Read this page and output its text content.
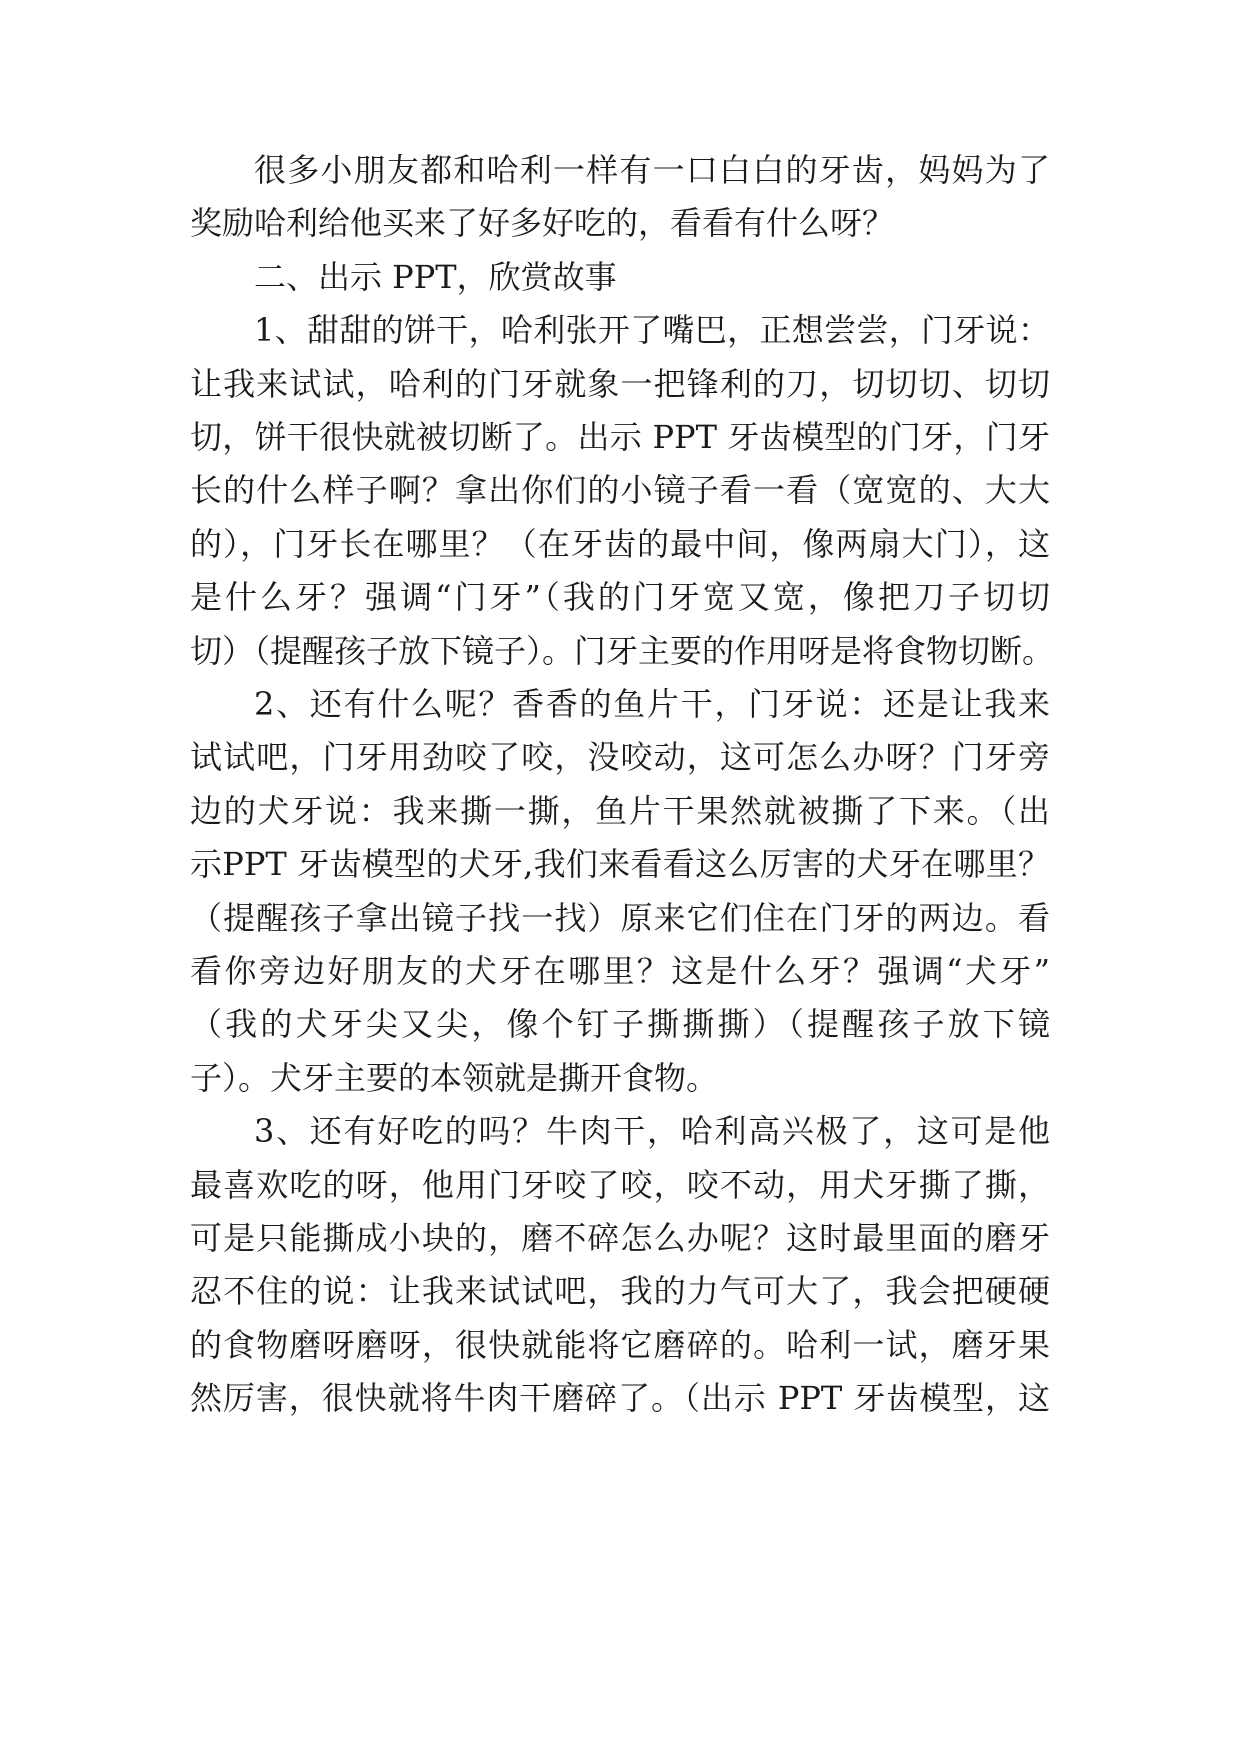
很多小朋友都和哈利一样有一口白白的牙齿，妈妈为了
奖励哈利给他买来了好多好吃的，看看有什么呀？
二、出示 PPT，欣赏故事
1、甜甜的饼干，哈利张开了嘴巴，正想尝尝，门牙说：
让我来试试，哈利的门牙就象一把锋利的刀，切切切、切切
切，饼干很快就被切断了。出示 PPT 牙齿模型的门牙，门牙
长的什么样子啊？拿出你们的小镜子看一看（宽宽的、大大
的），门牙长在哪里？（在牙齿的最中间，像两扇大门），这
是什么牙？强调“门牙”（我的门牙宽又宽，像把刀子切切
切）（提醒孩子放下镜子）。门牙主要的作用呀是将食物切断。
2、还有什么呢？香香的鱼片干，门牙说：还是让我来
试试吧，门牙用劲咬了咬，没咬动，这可怎么办呀？门牙旁
边的犬牙说：我来撕一撕，鱼片干果然就被撕了下来。（出
示PPT 牙齿模型的犬牙,我们来看看这么厉害的犬牙在哪里？
（提醒孩子拿出镜子找一找）原来它们住在门牙的两边。看
看你旁边好朋友的犬牙在哪里？这是什么牙？强调“犬牙”
（我的犬牙尖又尖，像个钉子撕撕撕）（提醒孩子放下镜
子）。犬牙主要的本领就是撕开食物。
3、还有好吃的吗？牛肉干，哈利高兴极了，这可是他
最喜欢吃的呀，他用门牙咬了咬，咬不动，用犬牙撕了撕，
可是只能撕成小块的，磨不碎怎么办呢？这时最里面的磨牙
忍不住的说：让我来试试吧，我的力气可大了，我会把硬硬
的食物磨呀磨呀，很快就能将它磨碎的。哈利一试，磨牙果
然厉害，很快就将牛肉干磨碎了。（出示 PPT 牙齿模型，这
